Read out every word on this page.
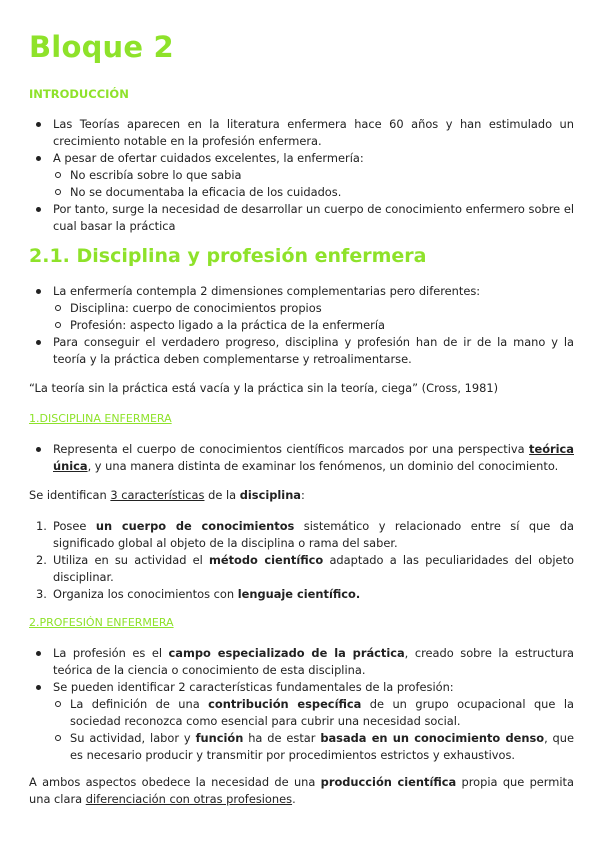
Bloque 2

INTRODUCCIÓN

Las Teorías aparecen en la literatura enfermera hace 60 años y han estimulado un crecimiento notable en la profesión enfermera.
A pesar de ofertar cuidados excelentes, la enfermería:
No escribía sobre lo que sabia
No se documentaba la eficacia de los cuidados.
Por tanto, surge la necesidad de desarrollar un cuerpo de conocimiento enfermero sobre el cual basar la práctica
2.1. Disciplina y profesión enfermera
La enfermería contempla 2 dimensiones complementarias pero diferentes:
Disciplina: cuerpo de conocimientos propios
Profesión: aspecto ligado a la práctica de la enfermería
Para conseguir el verdadero progreso, disciplina y profesión han de ir de la mano y la teoría y la práctica deben complementarse y retroalimentarse.

“La teoría sin la práctica está vacía y la práctica sin la teoría, ciega” (Cross, 1981)

1.DISCIPLINA ENFERMERA

Representa el cuerpo de conocimientos científicos marcados por una perspectiva teórica única, y una manera distinta de examinar los fenómenos, un dominio del conocimiento.

Se identifican 3 características de la disciplina:

1. Posee un cuerpo de conocimientos sistemático y relacionado entre sí que da significado global al objeto de la disciplina o rama del saber.
2. Utiliza en su actividad el método científico adaptado a las peculiaridades del objeto disciplinar.
3. Organiza los conocimientos con lenguaje científico.

2.PROFESIÓN ENFERMERA

La profesión es el campo especializado de la práctica, creado sobre la estructura teórica de la ciencia o conocimiento de esta disciplina.
Se pueden identificar 2 características fundamentales de la profesión:
La definición de una contribución específica de un grupo ocupacional que la sociedad reconozca como esencial para cubrir una necesidad social.
Su actividad, labor y función ha de estar basada en un conocimiento denso, que es necesario producir y transmitir por procedimientos estrictos y exhaustivos.

A ambos aspectos obedece la necesidad de una producción científica propia que permita una clara diferenciación con otras profesiones.
